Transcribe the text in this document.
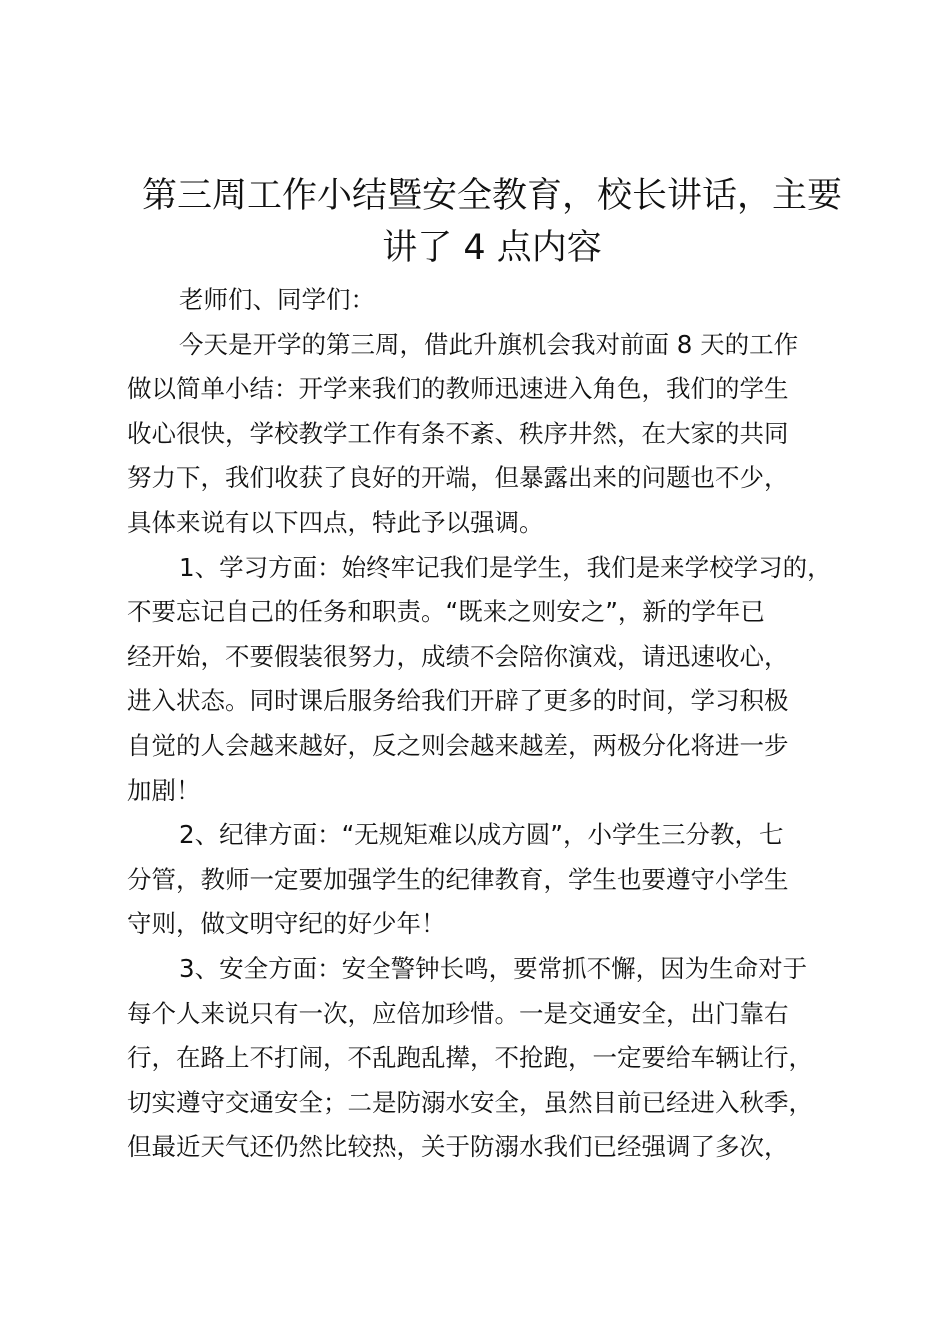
第三周工作小结暨安全教育，校长讲话，主要
讲了 4 点内容
老师们、同学们：
今天是开学的第三周，借此升旗机会我对前面 8 天的工作
做以简单小结：开学来我们的教师迅速进入角色，我们的学生
收心很快，学校教学工作有条不紊、秩序井然，在大家的共同
努力下，我们收获了良好的开端，但暴露出来的问题也不少，
具体来说有以下四点，特此予以强调。
1、学习方面：始终牢记我们是学生，我们是来学校学习的，
不要忘记自己的任务和职责。“既来之则安之”，新的学年已
经开始，不要假装很努力，成绩不会陪你演戏，请迅速收心，
进入状态。同时课后服务给我们开辟了更多的时间，学习积极
自觉的人会越来越好，反之则会越来越差，两极分化将进一步
加剧！
2、纪律方面：“无规矩难以成方圆”，小学生三分教，七
分管，教师一定要加强学生的纪律教育，学生也要遵守小学生
守则，做文明守纪的好少年！
3、安全方面：安全警钟长鸣，要常抓不懈，因为生命对于
每个人来说只有一次，应倍加珍惜。一是交通安全，出门靠右
行，在路上不打闹，不乱跑乱撵，不抢跑，一定要给车辆让行，
切实遵守交通安全；二是防溺水安全，虽然目前已经进入秋季，
但最近天气还仍然比较热，关于防溺水我们已经强调了多次，
